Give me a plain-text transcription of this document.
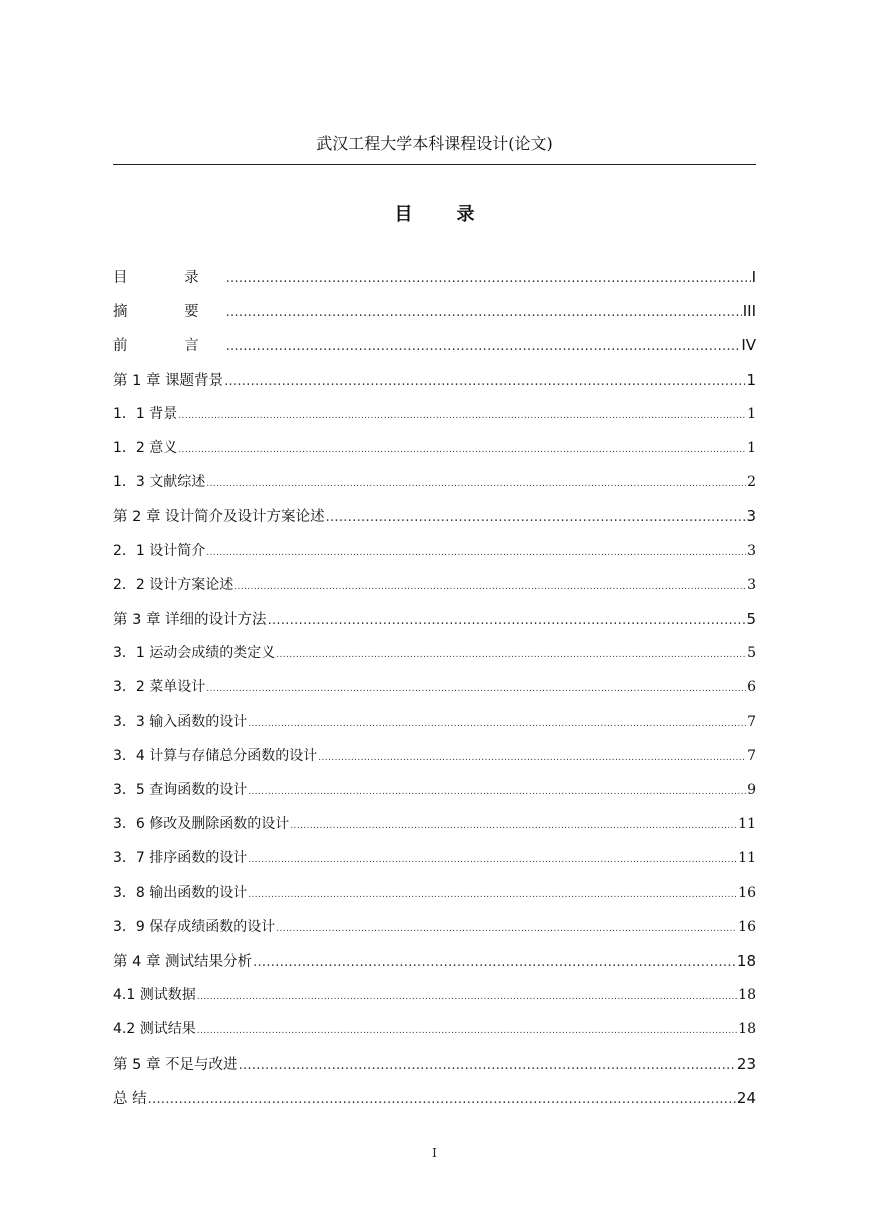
武汉工程大学本科课程设计(论文)
目录
目 录 .....	I
摘 要 .....	III
前 言 .....	IV
第 1 章 课题背景 .....	1
1．1 背景 .....	1
1．2 意义 .....	1
1．3 文献综述 .....	2
第 2 章 设计简介及设计方案论述 .....	3
2．1 设计简介 .....	3
2．2 设计方案论述 .....	3
第 3 章 详细的设计方法 .....	5
3．1 运动会成绩的类定义 .....	5
3．2 菜单设计 .....	6
3．3 输入函数的设计 .....	7
3．4 计算与存储总分函数的设计 .....	7
3．5 查询函数的设计 .....	9
3．6 修改及删除函数的设计 .....	11
3．7 排序函数的设计 .....	11
3．8 输出函数的设计 .....	16
3．9 保存成绩函数的设计 .....	16
第 4 章 测试结果分析 .....	18
4.1 测试数据 .....	18
4.2 测试结果 .....	18
第 5 章 不足与改进 .....	23
总 结 .....	24
I
